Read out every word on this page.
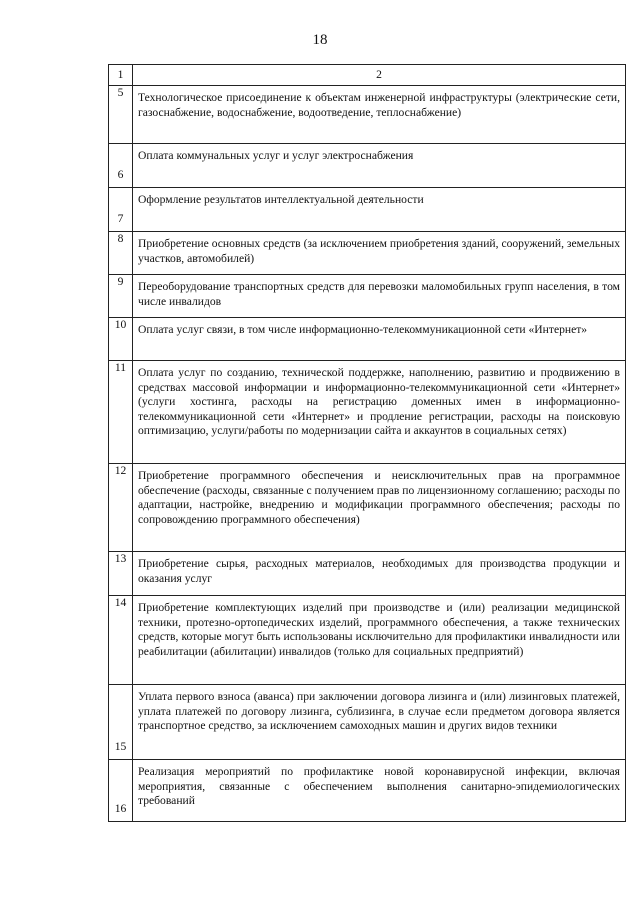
18
1	2
5	Технологическое присоединение к объектам инженерной инфраструктуры (электрические сети, газоснабжение, водоснабжение, водоотведение, теплоснабжение)
6	Оплата коммунальных услуг и услуг электроснабжения
7	Оформление результатов интеллектуальной деятельности
8	Приобретение основных средств (за исключением приобретения зданий, сооружений, земельных участков, автомобилей)
9	Переоборудование транспортных средств для перевозки маломобильных групп населения, в том числе инвалидов
10	Оплата услуг связи, в том числе информационно-телекоммуникационной сети «Интернет»
11	Оплата услуг по созданию, технической поддержке, наполнению, развитию и продвижению в средствах массовой информации и информационно-телекоммуникационной сети «Интернет» (услуги хостинга, расходы на регистрацию доменных имен в информационно-телекоммуникационной сети «Интернет» и продление регистрации, расходы на поисковую оптимизацию, услуги/работы по модернизации сайта и аккаунтов в социальных сетях)
12	Приобретение программного обеспечения и неисключительных прав на программное обеспечение (расходы, связанные с получением прав по лицензионному соглашению; расходы по адаптации, настройке, внедрению и модификации программного обеспечения; расходы по сопровождению программного обеспечения)
13	Приобретение сырья, расходных материалов, необходимых для производства продукции и оказания услуг
14	Приобретение комплектующих изделий при производстве и (или) реализации медицинской техники, протезно-ортопедических изделий, программного обеспечения, а также технических средств, которые могут быть использованы исключительно для профилактики инвалидности или реабилитации (абилитации) инвалидов (только для социальных предприятий)
15	Уплата первого взноса (аванса) при заключении договора лизинга и (или) лизинговых платежей, уплата платежей по договору лизинга, сублизинга, в случае если предметом договора является транспортное средство, за исключением самоходных машин и других видов техники
16	Реализация мероприятий по профилактике новой коронавирусной инфекции, включая мероприятия, связанные с обеспечением выполнения санитарно-эпидемиологических требований
